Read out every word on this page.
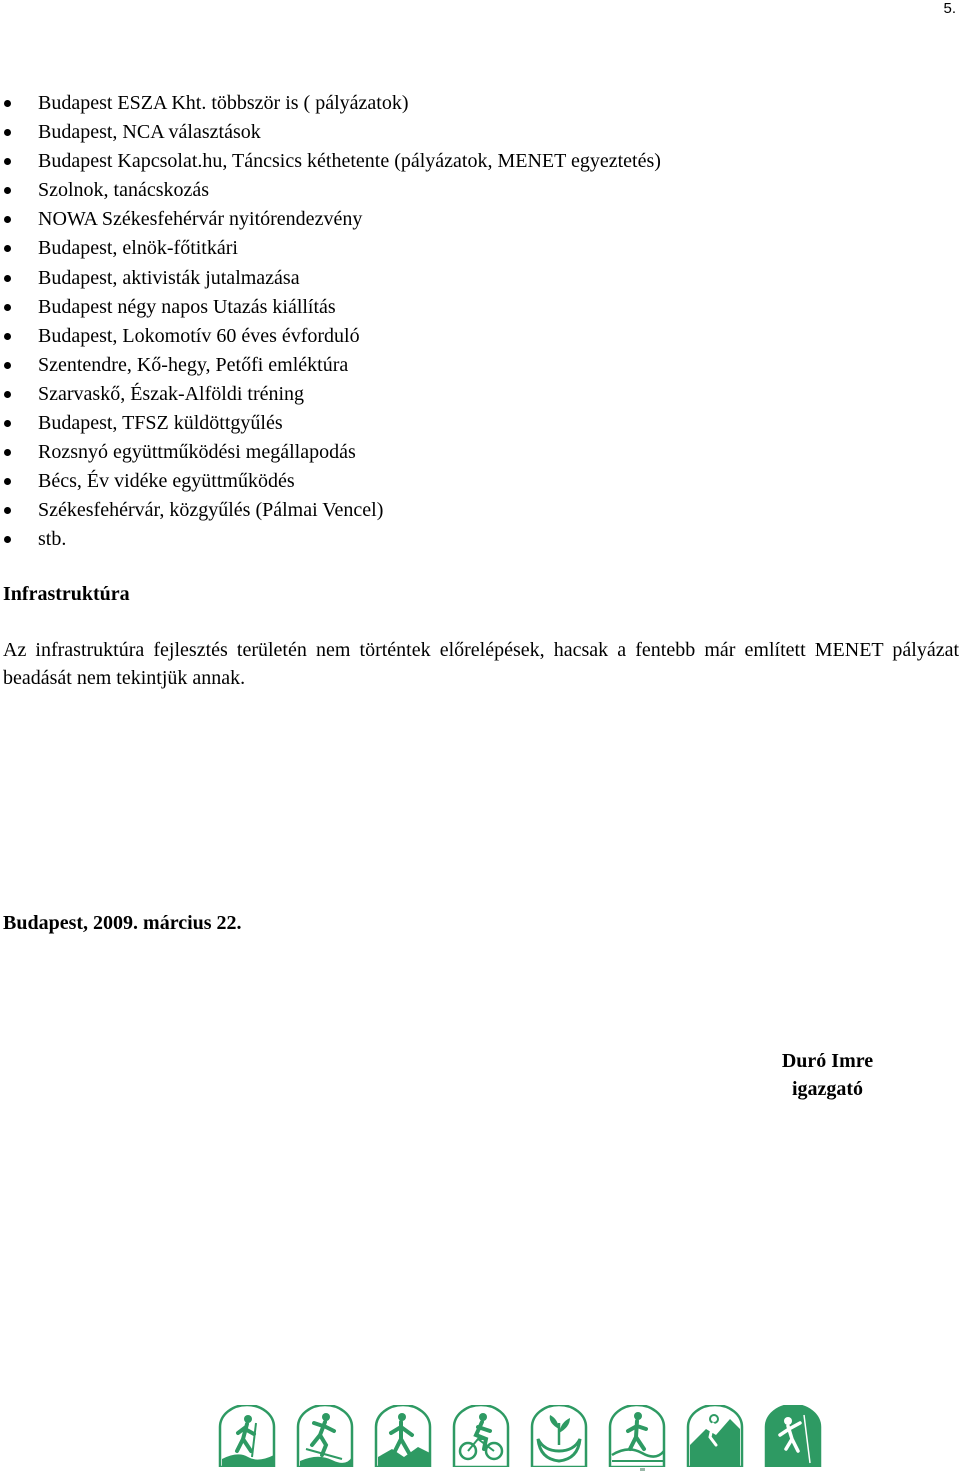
5.
Budapest ESZA Kht. többször is ( pályázatok)
Budapest, NCA választások
Budapest Kapcsolat.hu, Táncsics kéthetente (pályázatok, MENET egyeztetés)
Szolnok, tanácskozás
NOWA Székesfehérvár nyitórendezvény
Budapest, elnök-főtitkári
Budapest, aktivisták jutalmazása
Budapest négy napos Utazás kiállítás
Budapest, Lokomotív 60 éves évforduló
Szentendre, Kő-hegy, Petőfi emléktúra
Szarvaskő, Észak-Alföldi tréning
Budapest, TFSZ küldöttgyűlés
Rozsnyó együttműködési megállapodás
Bécs, Év vidéke együttműködés
Székesfehérvár, közgyűlés (Pálmai Vencel)
stb.
Infrastruktúra

Az infrastruktúra fejlesztés területén nem történtek előrelépések, hacsak a fentebb már említett MENET pályázat beadását nem tekintjük annak.

Budapest, 2009. március 22.
Duró Imre
igazgató
